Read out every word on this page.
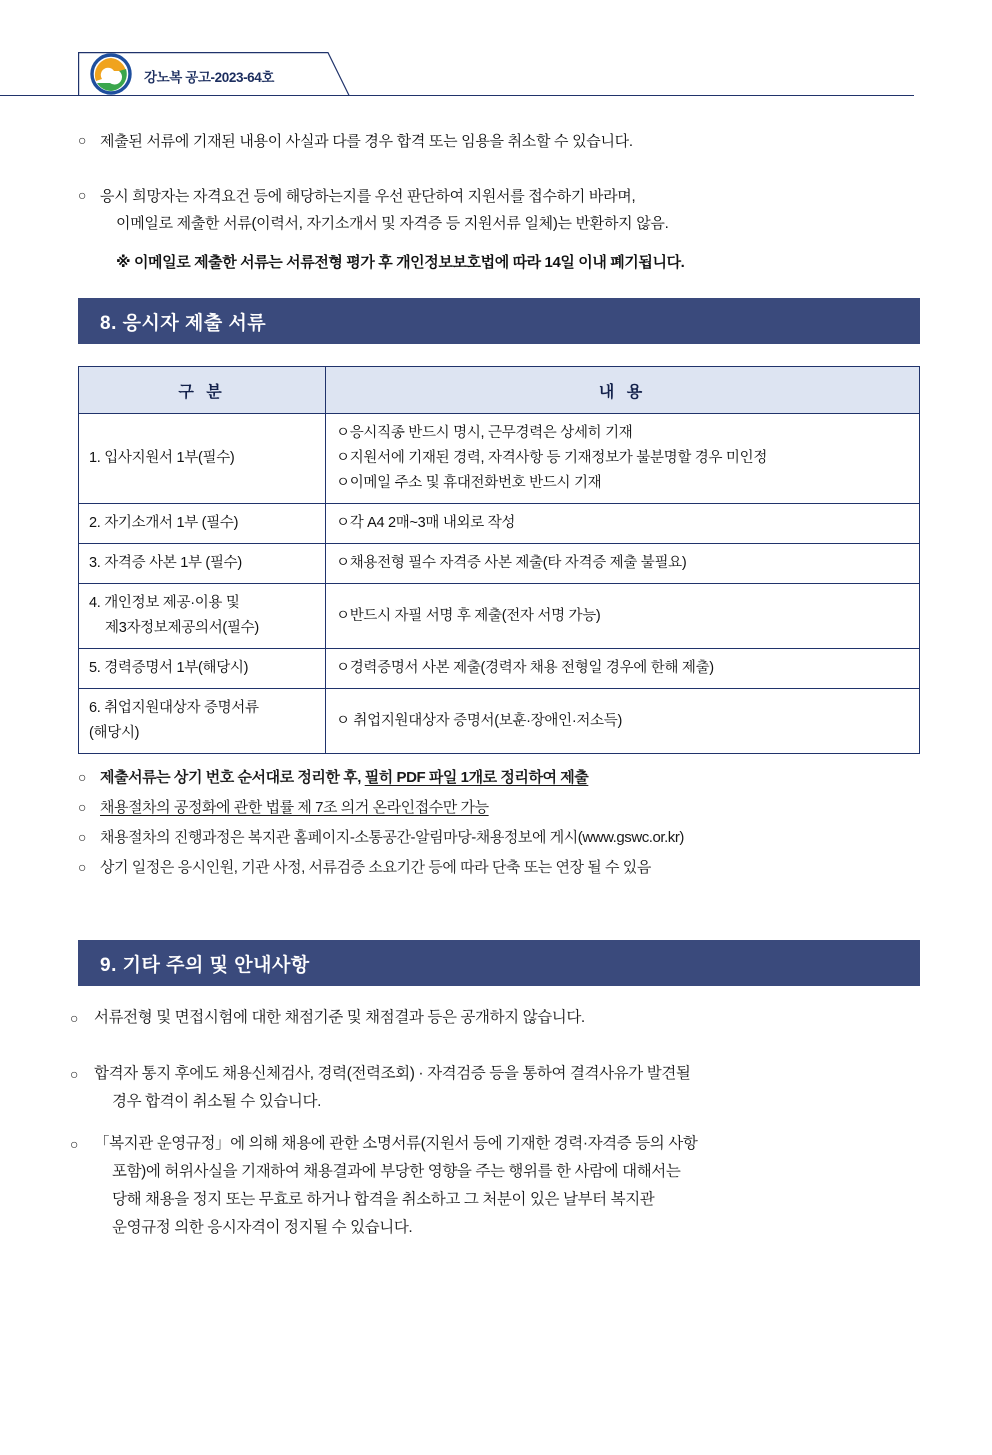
강노복 공고-2023-64호
○ 제출된 서류에 기재된 내용이 사실과 다를 경우 합격 또는 임용을 취소할 수 있습니다.
○ 응시 희망자는 자격요건 등에 해당하는지를 우선 판단하여 지원서를 접수하기 바라며,
이메일로 제출한 서류(이력서, 자기소개서 및 자격증 등 지원서류 일체)는 반환하지 않음.
※ 이메일로 제출한 서류는 서류전형 평가 후 개인정보보호법에 따라 14일 이내 폐기됩니다.
8. 응시자 제출 서류
구 분	내 용

1. 입사지원서 1부(필수)	ㅇ응시직종 반드시 명시, 근무경력은 상세히 기재
ㅇ지원서에 기재된 경력, 자격사항 등 기재정보가 불분명할 경우 미인정
ㅇ이메일 주소 및 휴대전화번호 반드시 기재

2. 자기소개서 1부 (필수)	ㅇ각 A4 2매~3매 내외로 작성

3. 자격증 사본 1부 (필수)	ㅇ채용전형 필수 자격증 사본 제출(타 자격증 제출 불필요)

4. 개인정보 제공·이용 및
제3자정보제공의서(필수)	ㅇ반드시 자필 서명 후 제출(전자 서명 가능)

5. 경력증명서 1부(해당시)	ㅇ경력증명서 사본 제출(경력자 채용 전형일 경우에 한해 제출)

6. 취업지원대상자 증명서류
(해당시)	ㅇ 취업지원대상자 증명서(보훈·장애인·저소득)
○ 제출서류는 상기 번호 순서대로 정리한 후, 필히 PDF 파일 1개로 정리하여 제출
○ 채용절차의 공정화에 관한 법률 제 7조 의거 온라인접수만 가능
○ 채용절차의 진행과정은 복지관 홈페이지-소통공간-알림마당-채용정보에 게시(www.gswc.or.kr)
○ 상기 일정은 응시인원, 기관 사정, 서류검증 소요기간 등에 따라 단축 또는 연장 될 수 있음
9. 기타 주의 및 안내사항
○	서류전형 및 면접시험에 대한 채점기준 및 채점결과 등은 공개하지 않습니다.
○	합격자 통지 후에도 채용신체검사, 경력(전력조회) · 자격검증 등을 통하여 결격사유가 발견될
경우 합격이 취소될 수 있습니다.
○	「복지관 운영규정」에 의해 채용에 관한 소명서류(지원서 등에 기재한 경력·자격증 등의 사항
포함)에 허위사실을 기재하여 채용결과에 부당한 영향을 주는 행위를 한 사람에 대해서는
당해 채용을 정지 또는 무효로 하거나 합격을 취소하고 그 처분이 있은 날부터 복지관
운영규정 의한 응시자격이 정지될 수 있습니다.
